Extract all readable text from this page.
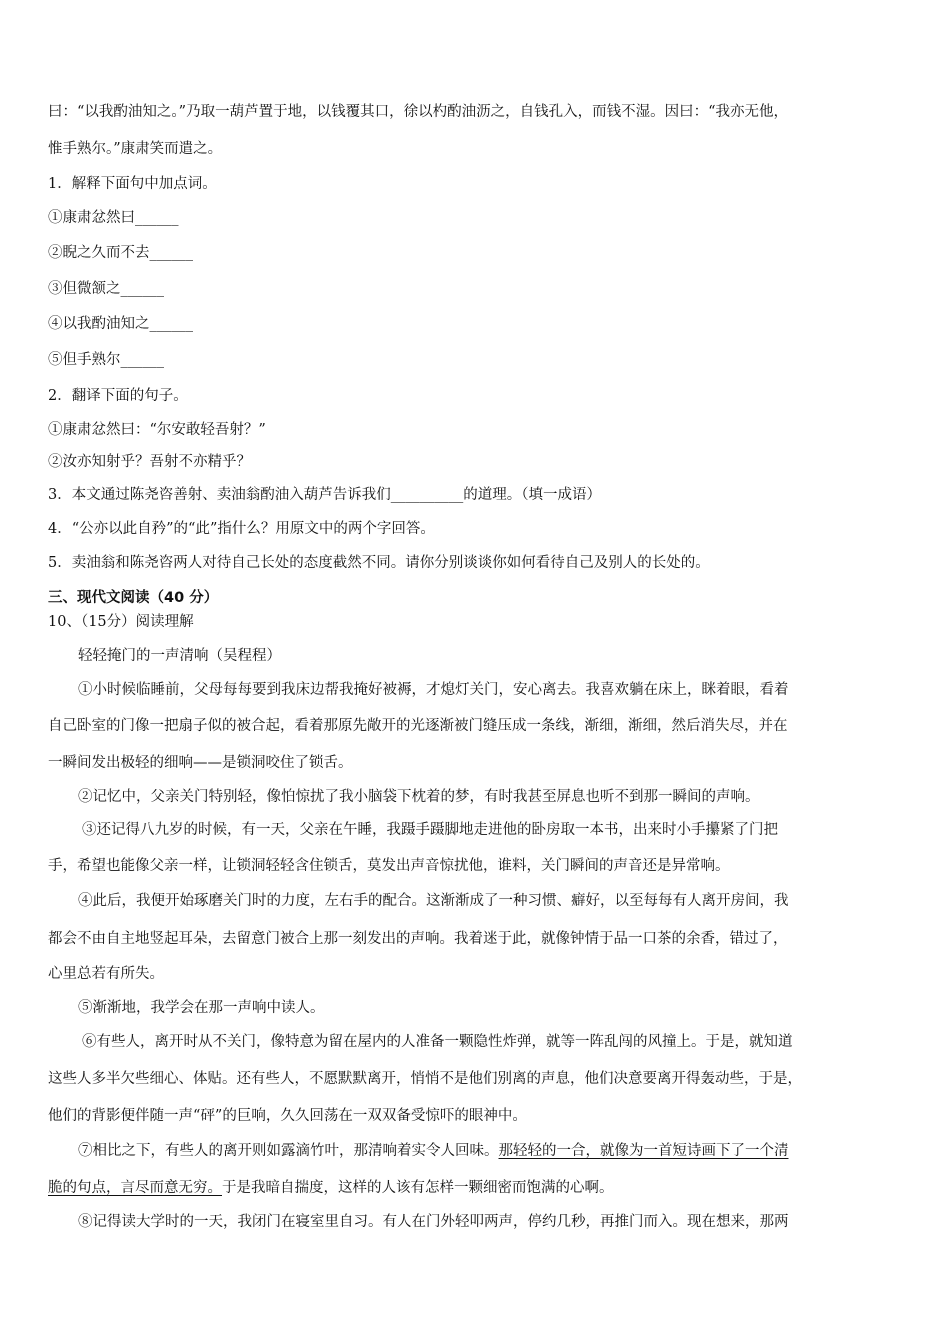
曰：“以我酌油知之。”乃取一葫芦置于地，以钱覆其口，徐以杓酌油沥之，自钱孔入，而钱不湿。因曰：“我亦无他，
惟手熟尔。”康肃笑而遣之。
1．解释下面句中加点词。
①康肃忿然曰______
②睨之久而不去______
③但微颔之______
④以我酌油知之______
⑤但手熟尔______
2．翻译下面的句子。
①康肃忿然曰：“尔安敢轻吾射？”
②汝亦知射乎？吾射不亦精乎？
3．本文通过陈尧咨善射、卖油翁酌油入葫芦告诉我们__________的道理。（填一成语）
4．“公亦以此自矜”的“此”指什么？用原文中的两个字回答。
5．卖油翁和陈尧咨两人对待自己长处的态度截然不同。请你分别谈谈你如何看待自己及别人的长处的。
三、现代文阅读（40 分）
10、（15分）阅读理解
轻轻掩门的一声清响（吴程程）
①小时候临睡前，父母每每要到我床边帮我掩好被褥，才熄灯关门，安心离去。我喜欢躺在床上，眯着眼，看着
自己卧室的门像一把扇子似的被合起，看着那原先敞开的光逐渐被门缝压成一条线，渐细，渐细，然后消失尽，并在
一瞬间发出极轻的细响——是锁洞咬住了锁舌。
②记忆中，父亲关门特别轻，像怕惊扰了我小脑袋下枕着的梦，有时我甚至屏息也听不到那一瞬间的声响。
③还记得八九岁的时候，有一天，父亲在午睡，我蹑手蹑脚地走进他的卧房取一本书，出来时小手攥紧了门把
手，希望也能像父亲一样，让锁洞轻轻含住锁舌，莫发出声音惊扰他，谁料，关门瞬间的声音还是异常响。
④此后，我便开始琢磨关门时的力度，左右手的配合。这渐渐成了一种习惯、癖好，以至每每有人离开房间，我
都会不由自主地竖起耳朵，去留意门被合上那一刻发出的声响。我着迷于此，就像钟情于品一口茶的余香，错过了，
心里总若有所失。
⑤渐渐地，我学会在那一声响中读人。
⑥有些人，离开时从不关门，像特意为留在屋内的人准备一颗隐性炸弹，就等一阵乱闯的风撞上。于是，就知道
这些人多半欠些细心、体贴。还有些人，不愿默默离开，悄悄不是他们别离的声息，他们决意要离开得轰动些，于是，
他们的背影便伴随一声“砰”的巨响，久久回荡在一双双备受惊吓的眼神中。
⑦相比之下，有些人的离开则如露滴竹叶，那清响着实令人回味。那轻轻的一合，就像为一首短诗画下了一个清
脆的句点，言尽而意无穷。于是我暗自揣度，这样的人该有怎样一颗细密而饱满的心啊。
⑧记得读大学时的一天，我闭门在寝室里自习。有人在门外轻叩两声，停约几秒，再推门而入。现在想来，那两
